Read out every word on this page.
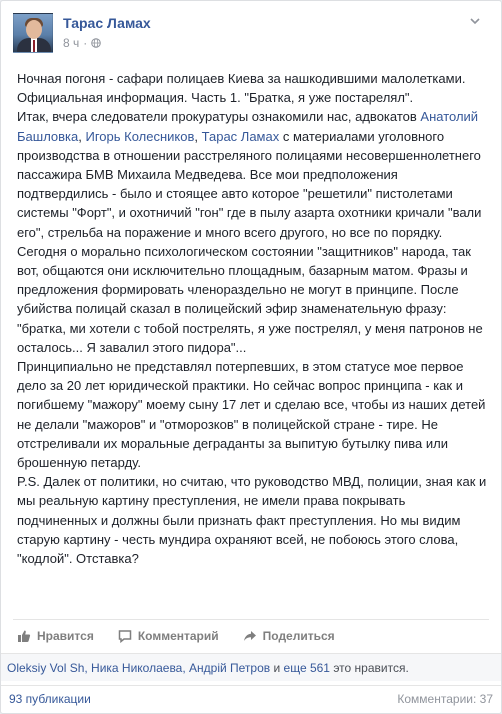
Тарас Ламах
8 ч ·
Ночная погоня - сафари полицаев Киева за нашкодившими малолетками. Официальная информация. Часть 1. "Братка, я уже постарелял".
Итак, вчера следователи прокуратуры ознакомили нас, адвокатов Анатолий Башловка, Игорь Колесников, Тарас Ламах с материалами уголовного производства в отношении расстреляного полицаями несовершеннолетнего пассажира БМВ Михаила Медведева. Все мои предположения подтвердились - было и стоящее авто которое "решетили" пистолетами системы "Форт", и охотничий "гон" где в пылу азарта охотники кричали "вали его", стрельба на поражение и много всего другого, но все по порядку. Сегодня о морально психологическом состоянии "защитников" народа, так вот, общаются они исключительно площадным, базарным матом. Фразы и предложения формировать членораздельно не могут в принципе. После убийства полицай сказал в полицейский эфир знаменательную фразу: "братка, ми хотели с тобой пострелять, я уже пострелял, у меня патронов не осталось... Я завалил этого пидора"...
Принципиально не представлял потерпевших, в этом статусе мое первое дело за 20 лет юридической практики. Но сейчас вопрос принципа - как и погибшему "мажору" моему сыну 17 лет и сделаю все, чтобы из наших детей не делали "мажоров" и "отморозков" в полицейской стране - тире. Не отстреливали их моральные деграданты за выпитую бутылку пива или брошенную петарду.
P.S. Далек от политики, но считаю, что руководство МВД, полиции, зная как и мы реальную картину преступления, не имели права покрывать подчиненных и должны были признать факт преступления. Но мы видим старую картину - честь мундира охраняют всей, не побоюсь этого слова, "кодлой". Отставка?
Нравится	Комментарий	Поделиться
Oleksiy Vol Sh, Ника Николаева, Андрій Петров и еще 561 это нравится.
93 публикации	Комментарии: 37
